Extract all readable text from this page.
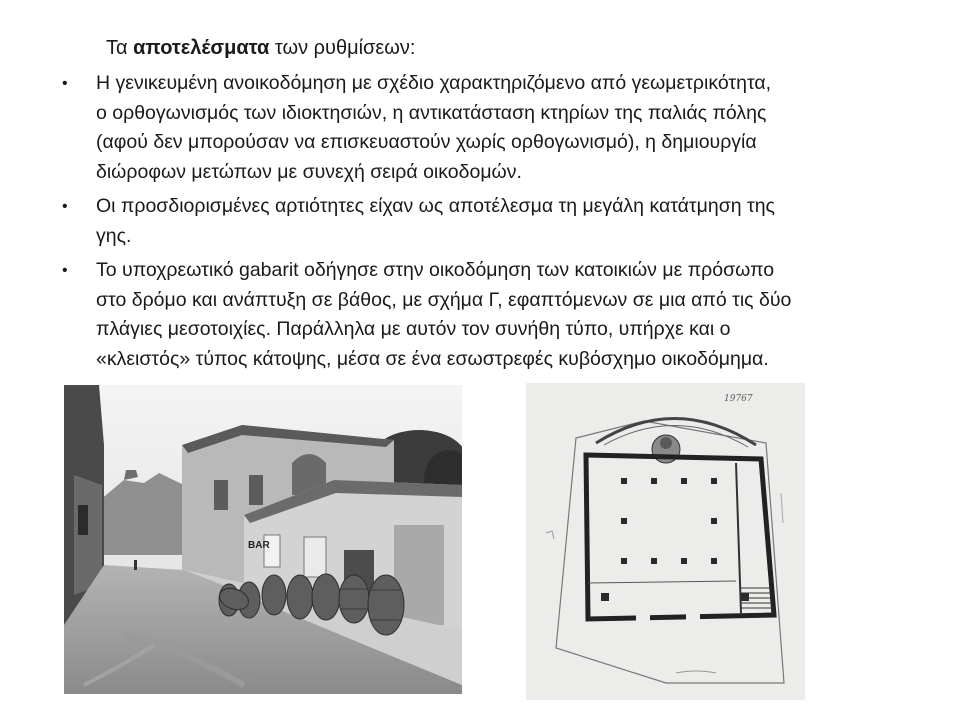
Τα αποτελέσματα των ρυθμίσεων:
• Η γενικευμένη ανοικοδόμηση με σχέδιο χαρακτηριζόμενο από γεωμετρικότητα,
ο ορθογωνισμός των ιδιοκτησιών, η αντικατάσταση κτηρίων της παλιάς πόλης
(αφού δεν μπορούσαν να επισκευαστούν χωρίς ορθογωνισμό), η δημιουργία
διώροφων μετώπων με συνεχή σειρά οικοδομών.
• Οι προσδιορισμένες αρτιότητες είχαν ως αποτέλεσμα τη μεγάλη κατάτμηση της
γης.
• Το υποχρεωτικό gabarit οδήγησε στην οικοδόμηση των κατοικιών με πρόσωπο
στο δρόμο και ανάπτυξη σε βάθος, με σχήμα Γ, εφαπτόμενων σε μια από τις δύο
πλάγιες μεσοτοιχίες. Παράλληλα με αυτόν τον συνήθη τύπο, υπήρχε και ο
«κλειστός» τύπος κάτοψης, μέσα σε ένα εσωστρεφές κυβόσχημο οικοδόμημα.
BAR
19767
